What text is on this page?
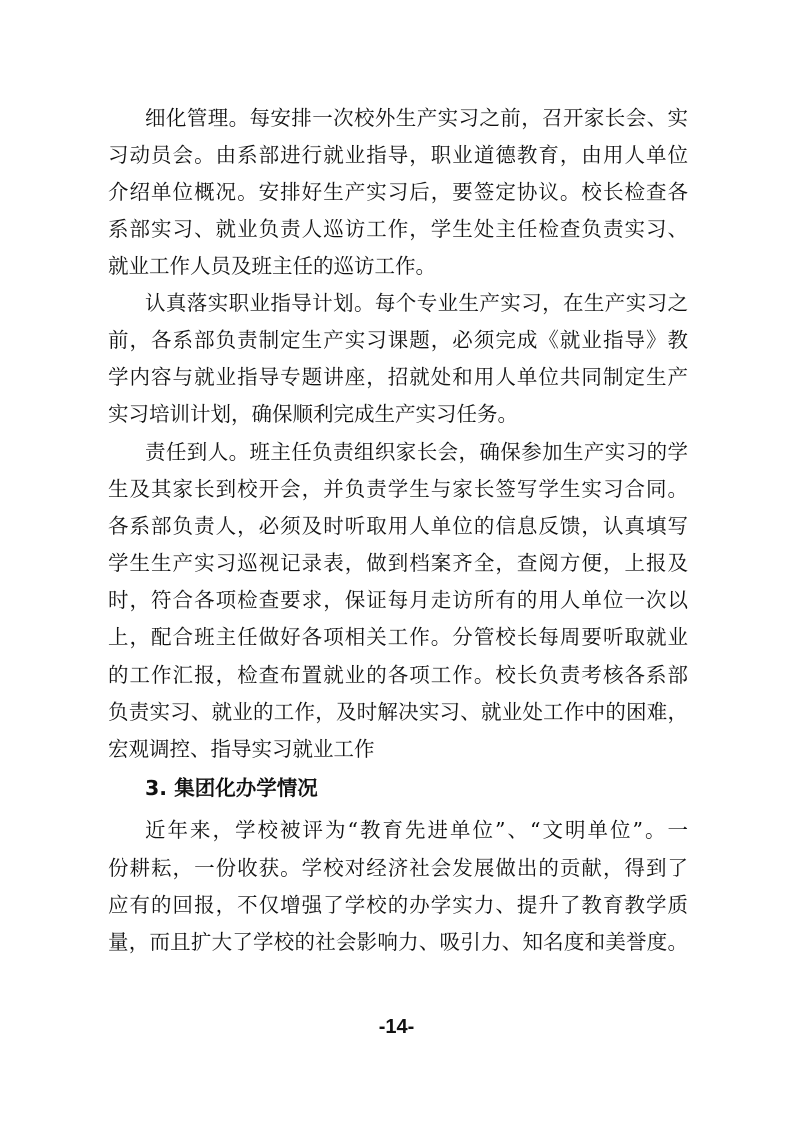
细化管理。每安排一次校外生产实习之前，召开家长会、实
习动员会。由系部进行就业指导，职业道德教育，由用人单位
介绍单位概况。安排好生产实习后，要签定协议。校长检查各
系部实习、就业负责人巡访工作，学生处主任检查负责实习、
就业工作人员及班主任的巡访工作。
认真落实职业指导计划。每个专业生产实习，在生产实习之
前，各系部负责制定生产实习课题，必须完成《就业指导》教
学内容与就业指导专题讲座，招就处和用人单位共同制定生产
实习培训计划，确保顺利完成生产实习任务。
责任到人。班主任负责组织家长会，确保参加生产实习的学
生及其家长到校开会，并负责学生与家长签写学生实习合同。
各系部负责人，必须及时听取用人单位的信息反馈，认真填写
学生生产实习巡视记录表，做到档案齐全，查阅方便，上报及
时，符合各项检查要求，保证每月走访所有的用人单位一次以
上，配合班主任做好各项相关工作。分管校长每周要听取就业
的工作汇报，检查布置就业的各项工作。校长负责考核各系部
负责实习、就业的工作，及时解决实习、就业处工作中的困难，
宏观调控、指导实习就业工作
3. 集团化办学情况
近年来，学校被评为“教育先进单位”、“文明单位”。一
份耕耘，一份收获。学校对经济社会发展做出的贡献，得到了
应有的回报，不仅增强了学校的办学实力、提升了教育教学质
量，而且扩大了学校的社会影响力、吸引力、知名度和美誉度。
-14-
